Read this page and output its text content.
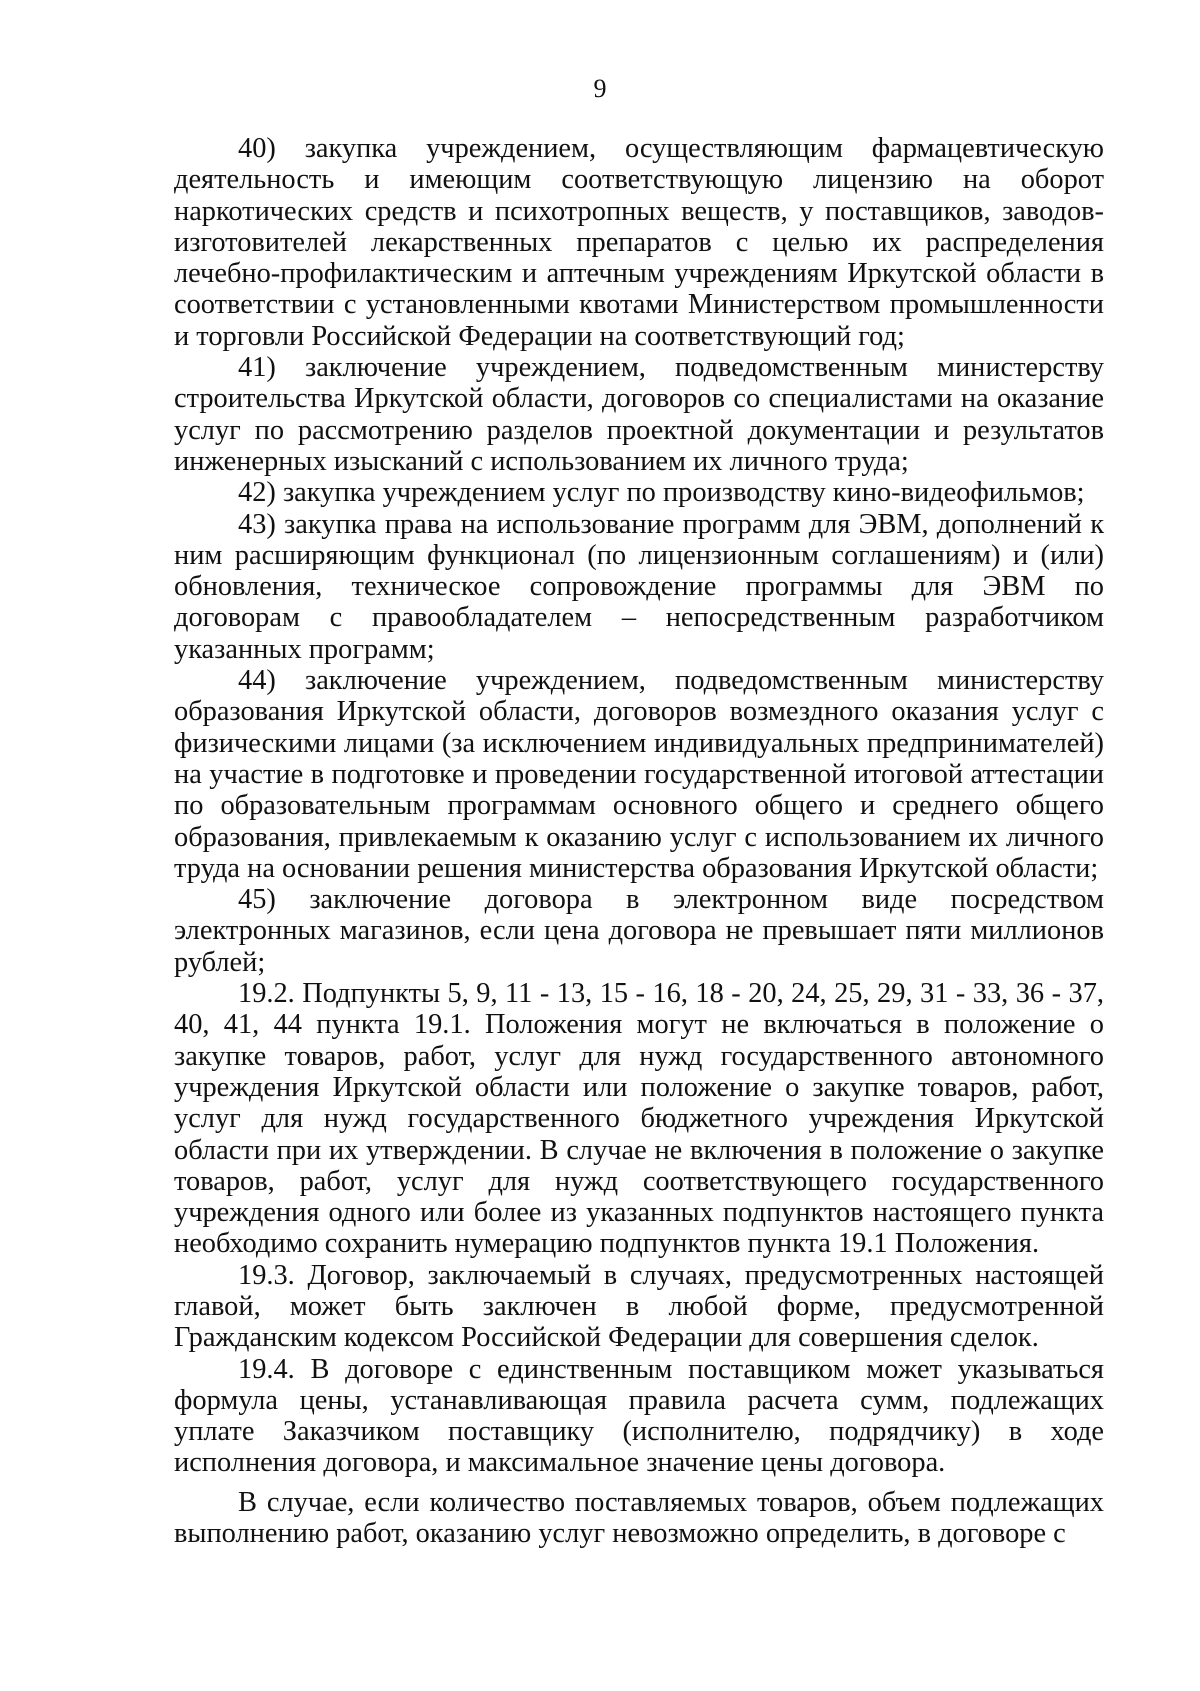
9

40) закупка учреждением, осуществляющим фармацевтическую деятельность и имеющим соответствующую лицензию на оборот наркотических средств и психотропных веществ, у поставщиков, заводов-изготовителей лекарственных препаратов с целью их распределения лечебно-профилактическим и аптечным учреждениям Иркутской области в соответствии с установленными квотами Министерством промышленности и торговли Российской Федерации на соответствующий год;

41) заключение учреждением, подведомственным министерству строительства Иркутской области, договоров со специалистами на оказание услуг по рассмотрению разделов проектной документации и результатов инженерных изысканий с использованием их личного труда;

42) закупка учреждением услуг по производству кино-видеофильмов;

43) закупка права на использование программ для ЭВМ, дополнений к ним расширяющим функционал (по лицензионным соглашениям) и (или) обновления, техническое сопровождение программы для ЭВМ по договорам с правообладателем – непосредственным разработчиком указанных программ;

44) заключение учреждением, подведомственным министерству образования Иркутской области, договоров возмездного оказания услуг с физическими лицами (за исключением индивидуальных предпринимателей) на участие в подготовке и проведении государственной итоговой аттестации по образовательным программам основного общего и среднего общего образования, привлекаемым к оказанию услуг с использованием их личного труда на основании решения министерства образования Иркутской области;

45) заключение договора в электронном виде посредством электронных магазинов, если цена договора не превышает пяти миллионов рублей;

19.2. Подпункты 5, 9, 11 - 13, 15 - 16, 18 - 20, 24, 25, 29, 31 - 33, 36 - 37, 40, 41, 44 пункта 19.1. Положения могут не включаться в положение о закупке товаров, работ, услуг для нужд государственного автономного учреждения Иркутской области или положение о закупке товаров, работ, услуг для нужд государственного бюджетного учреждения Иркутской области при их утверждении. В случае не включения в положение о закупке товаров, работ, услуг для нужд соответствующего государственного учреждения одного или более из указанных подпунктов настоящего пункта необходимо сохранить нумерацию подпунктов пункта 19.1 Положения.

19.3. Договор, заключаемый в случаях, предусмотренных настоящей главой, может быть заключен в любой форме, предусмотренной Гражданским кодексом Российской Федерации для совершения сделок.

19.4. В договоре с единственным поставщиком может указываться формула цены, устанавливающая правила расчета сумм, подлежащих уплате Заказчиком поставщику (исполнителю, подрядчику) в ходе исполнения договора, и максимальное значение цены договора.

В случае, если количество поставляемых товаров, объем подлежащих выполнению работ, оказанию услуг невозможно определить, в договоре с
